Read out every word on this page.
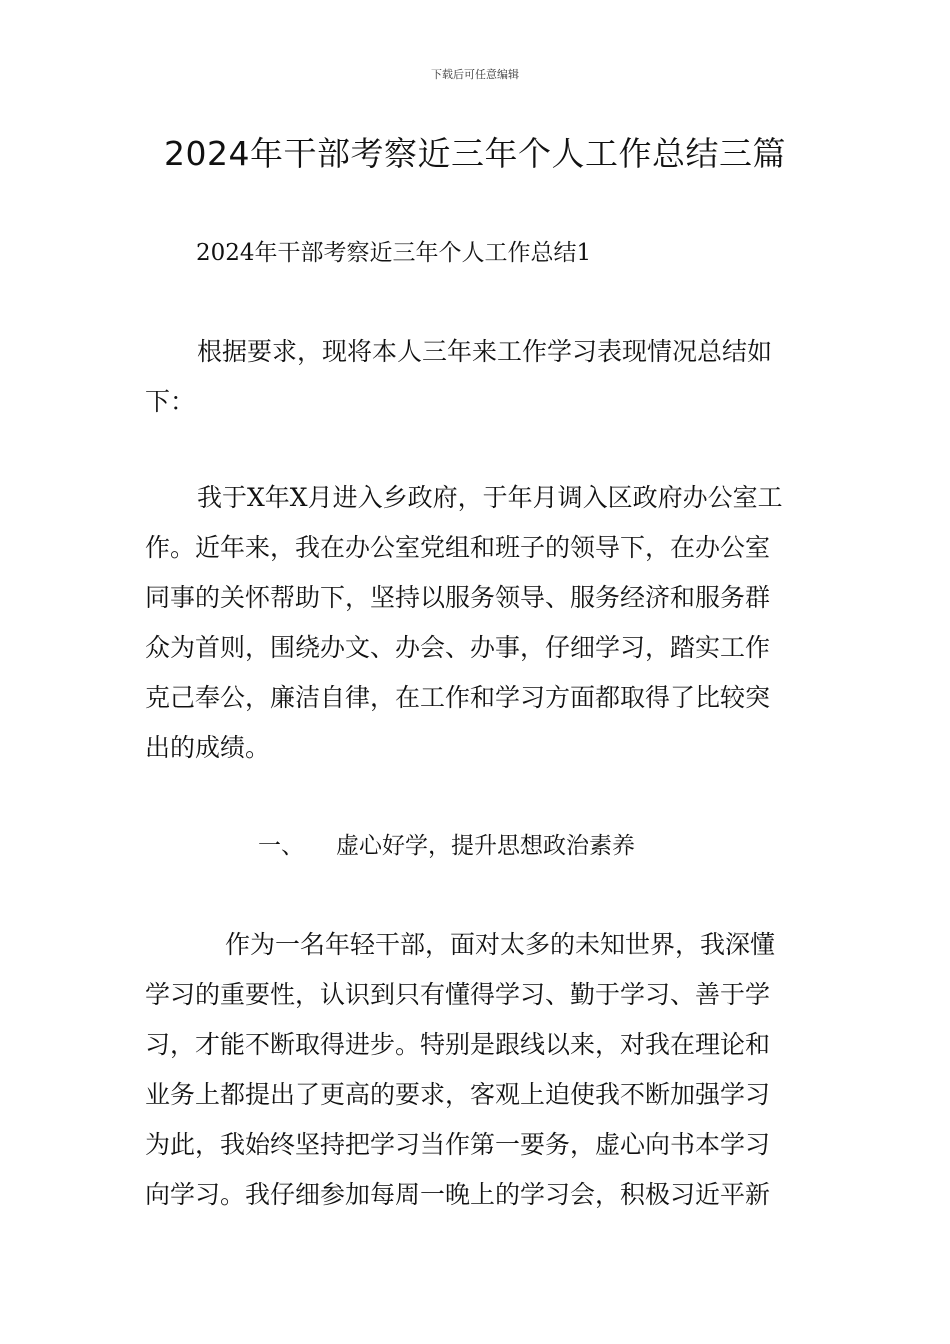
下载后可任意编辑
2024年干部考察近三年个人工作总结三篇
2024年干部考察近三年个人工作总结1
根据要求，现将本人三年来工作学习表现情况总结如
下：
我于X年X月进入乡政府，于年月调入区政府办公室工
作。近年来，我在办公室党组和班子的领导下，在办公室
同事的关怀帮助下，坚持以服务领导、服务经济和服务群
众为首则，围绕办文、办会、办事，仔细学习，踏实工作
克己奉公，廉洁自律，在工作和学习方面都取得了比较突
出的成绩。
一、 虚心好学，提升思想政治素养
作为一名年轻干部，面对太多的未知世界，我深懂
学习的重要性，认识到只有懂得学习、勤于学习、善于学
习，才能不断取得进步。特别是跟线以来，对我在理论和
业务上都提出了更高的要求，客观上迫使我不断加强学习
为此，我始终坚持把学习当作第一要务，虚心向书本学习
向学习。我仔细参加每周一晚上的学习会，积极习近平新
